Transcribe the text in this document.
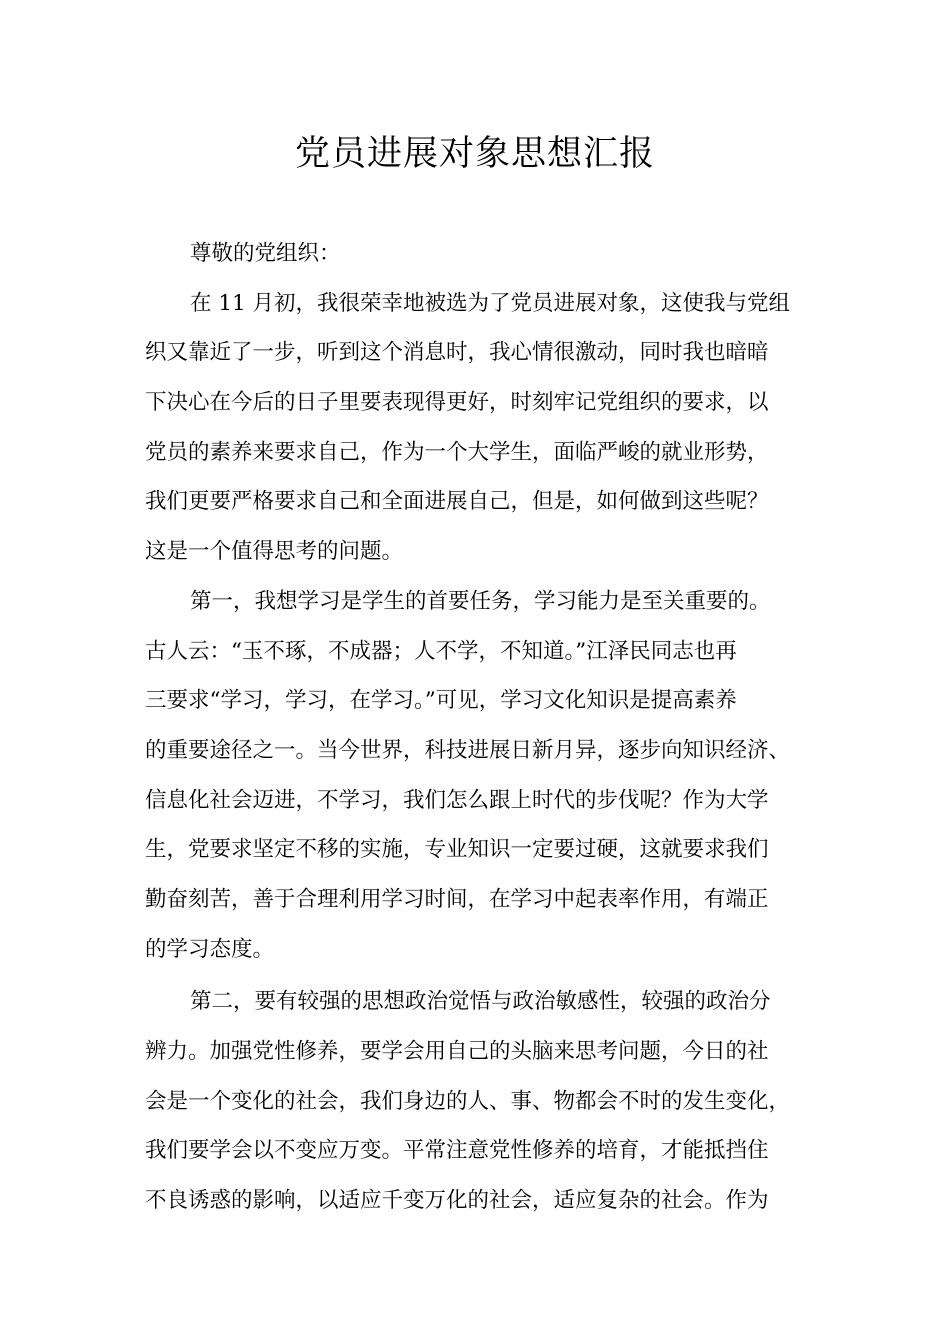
党员进展对象思想汇报
尊敬的党组织：
在 11 月初，我很荣幸地被选为了党员进展对象，这使我与党组
织又靠近了一步，听到这个消息时，我心情很激动，同时我也暗暗
下决心在今后的日子里要表现得更好，时刻牢记党组织的要求，以
党员的素养来要求自己，作为一个大学生，面临严峻的就业形势，
我们更要严格要求自己和全面进展自己，但是，如何做到这些呢？
这是一个值得思考的问题。
第一，我想学习是学生的首要任务，学习能力是至关重要的。
古人云：“玉不琢，不成器；人不学，不知道。”江泽民同志也再
三要求“学习，学习，在学习。”可见，学习文化知识是提高素养
的重要途径之一。当今世界，科技进展日新月异，逐步向知识经济、
信息化社会迈进，不学习，我们怎么跟上时代的步伐呢？作为大学
生，党要求坚定不移的实施，专业知识一定要过硬，这就要求我们
勤奋刻苦，善于合理利用学习时间，在学习中起表率作用，有端正
的学习态度。
第二，要有较强的思想政治觉悟与政治敏感性，较强的政治分
辨力。加强党性修养，要学会用自己的头脑来思考问题，今日的社
会是一个变化的社会，我们身边的人、事、物都会不时的发生变化，
我们要学会以不变应万变。平常注意党性修养的培育，才能抵挡住
不良诱惑的影响，以适应千变万化的社会，适应复杂的社会。作为
